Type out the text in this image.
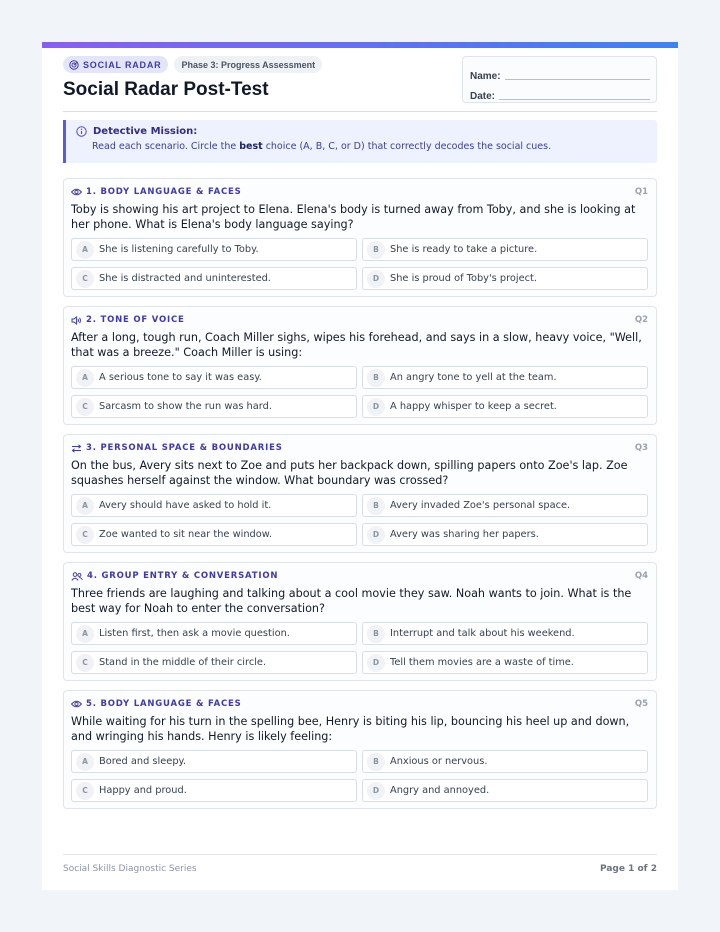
SOCIAL RADAR	Phase 3: Progress Assessment
Social Radar Post-Test
Name:
Date:
Detective Mission:
Read each scenario. Circle the best choice (A, B, C, or D) that correctly decodes the social cues.
1. BODY LANGUAGE & FACES	Q1
Toby is showing his art project to Elena. Elena's body is turned away from Toby, and she is looking at her phone. What is Elena's body language saying?
A	She is listening carefully to Toby.	B	She is ready to take a picture.
C	She is distracted and uninterested.	D	She is proud of Toby's project.
2. TONE OF VOICE	Q2
After a long, tough run, Coach Miller sighs, wipes his forehead, and says in a slow, heavy voice, "Well, that was a breeze." Coach Miller is using:
A	A serious tone to say it was easy.	B	An angry tone to yell at the team.
C	Sarcasm to show the run was hard.	D	A happy whisper to keep a secret.
3. PERSONAL SPACE & BOUNDARIES	Q3
On the bus, Avery sits next to Zoe and puts her backpack down, spilling papers onto Zoe's lap. Zoe squashes herself against the window. What boundary was crossed?
A	Avery should have asked to hold it.	B	Avery invaded Zoe's personal space.
C	Zoe wanted to sit near the window.	D	Avery was sharing her papers.
4. GROUP ENTRY & CONVERSATION	Q4
Three friends are laughing and talking about a cool movie they saw. Noah wants to join. What is the best way for Noah to enter the conversation?
A	Listen first, then ask a movie question.	B	Interrupt and talk about his weekend.
C	Stand in the middle of their circle.	D	Tell them movies are a waste of time.
5. BODY LANGUAGE & FACES	Q5
While waiting for his turn in the spelling bee, Henry is biting his lip, bouncing his heel up and down, and wringing his hands. Henry is likely feeling:
A	Bored and sleepy.	B	Anxious or nervous.
C	Happy and proud.	D	Angry and annoyed.
Social Skills Diagnostic Series	Page 1 of 2
